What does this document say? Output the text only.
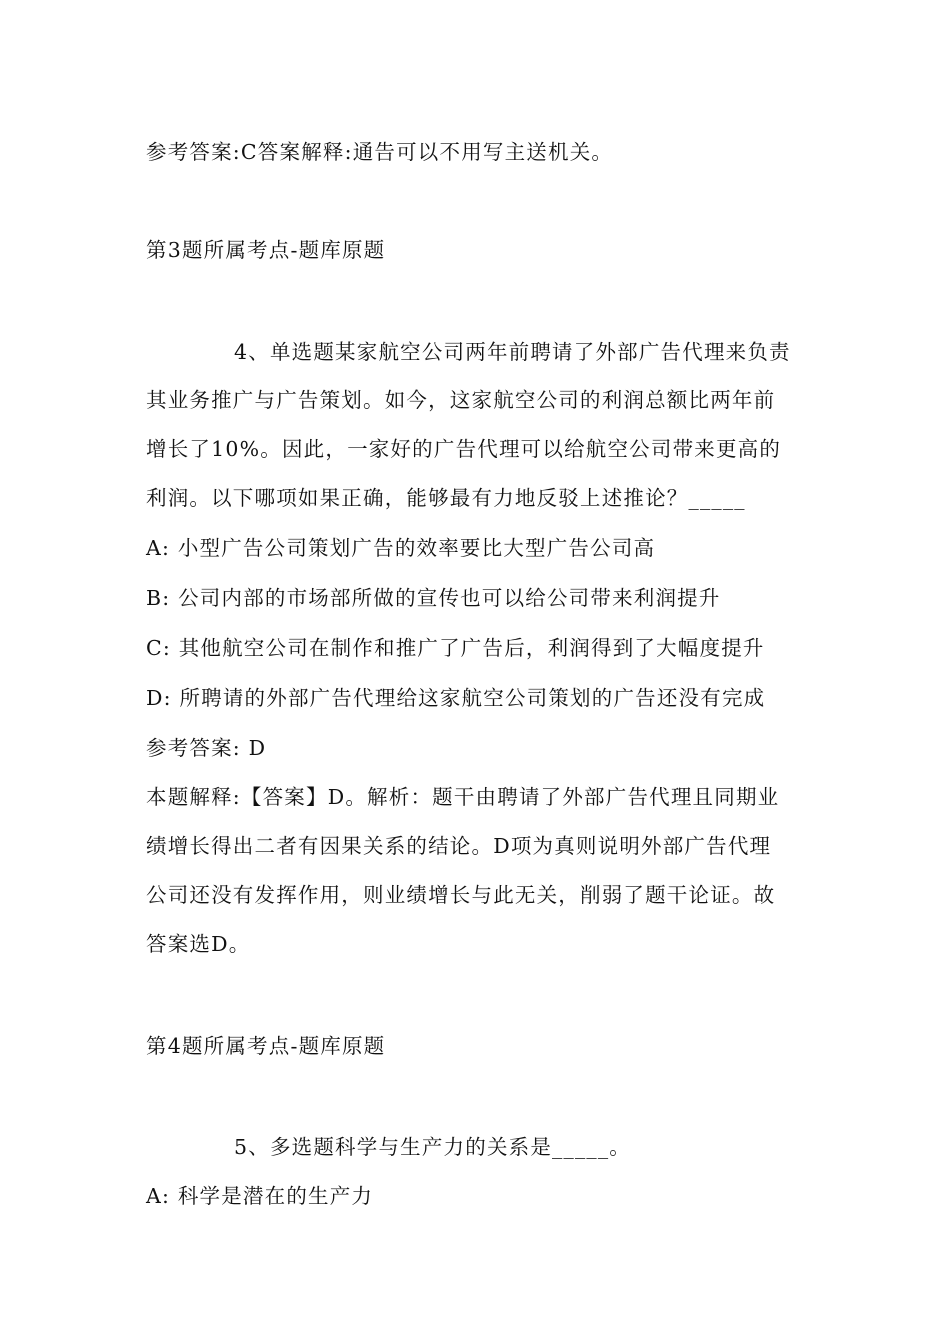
参考答案:C答案解释:通告可以不用写主送机关。
第3题所属考点-题库原题
4、单选题某家航空公司两年前聘请了外部广告代理来负责
其业务推广与广告策划。如今，这家航空公司的利润总额比两年前
增长了10%。因此，一家好的广告代理可以给航空公司带来更高的
利润。以下哪项如果正确，能够最有力地反驳上述推论？_____
A: 小型广告公司策划广告的效率要比大型广告公司高
B: 公司内部的市场部所做的宣传也可以给公司带来利润提升
C: 其他航空公司在制作和推广了广告后，利润得到了大幅度提升
D: 所聘请的外部广告代理给这家航空公司策划的广告还没有完成
参考答案: D
本题解释:【答案】D。解析：题干由聘请了外部广告代理且同期业
绩增长得出二者有因果关系的结论。D项为真则说明外部广告代理
公司还没有发挥作用，则业绩增长与此无关，削弱了题干论证。故
答案选D。
第4题所属考点-题库原题
5、多选题科学与生产力的关系是_____。
A: 科学是潜在的生产力
